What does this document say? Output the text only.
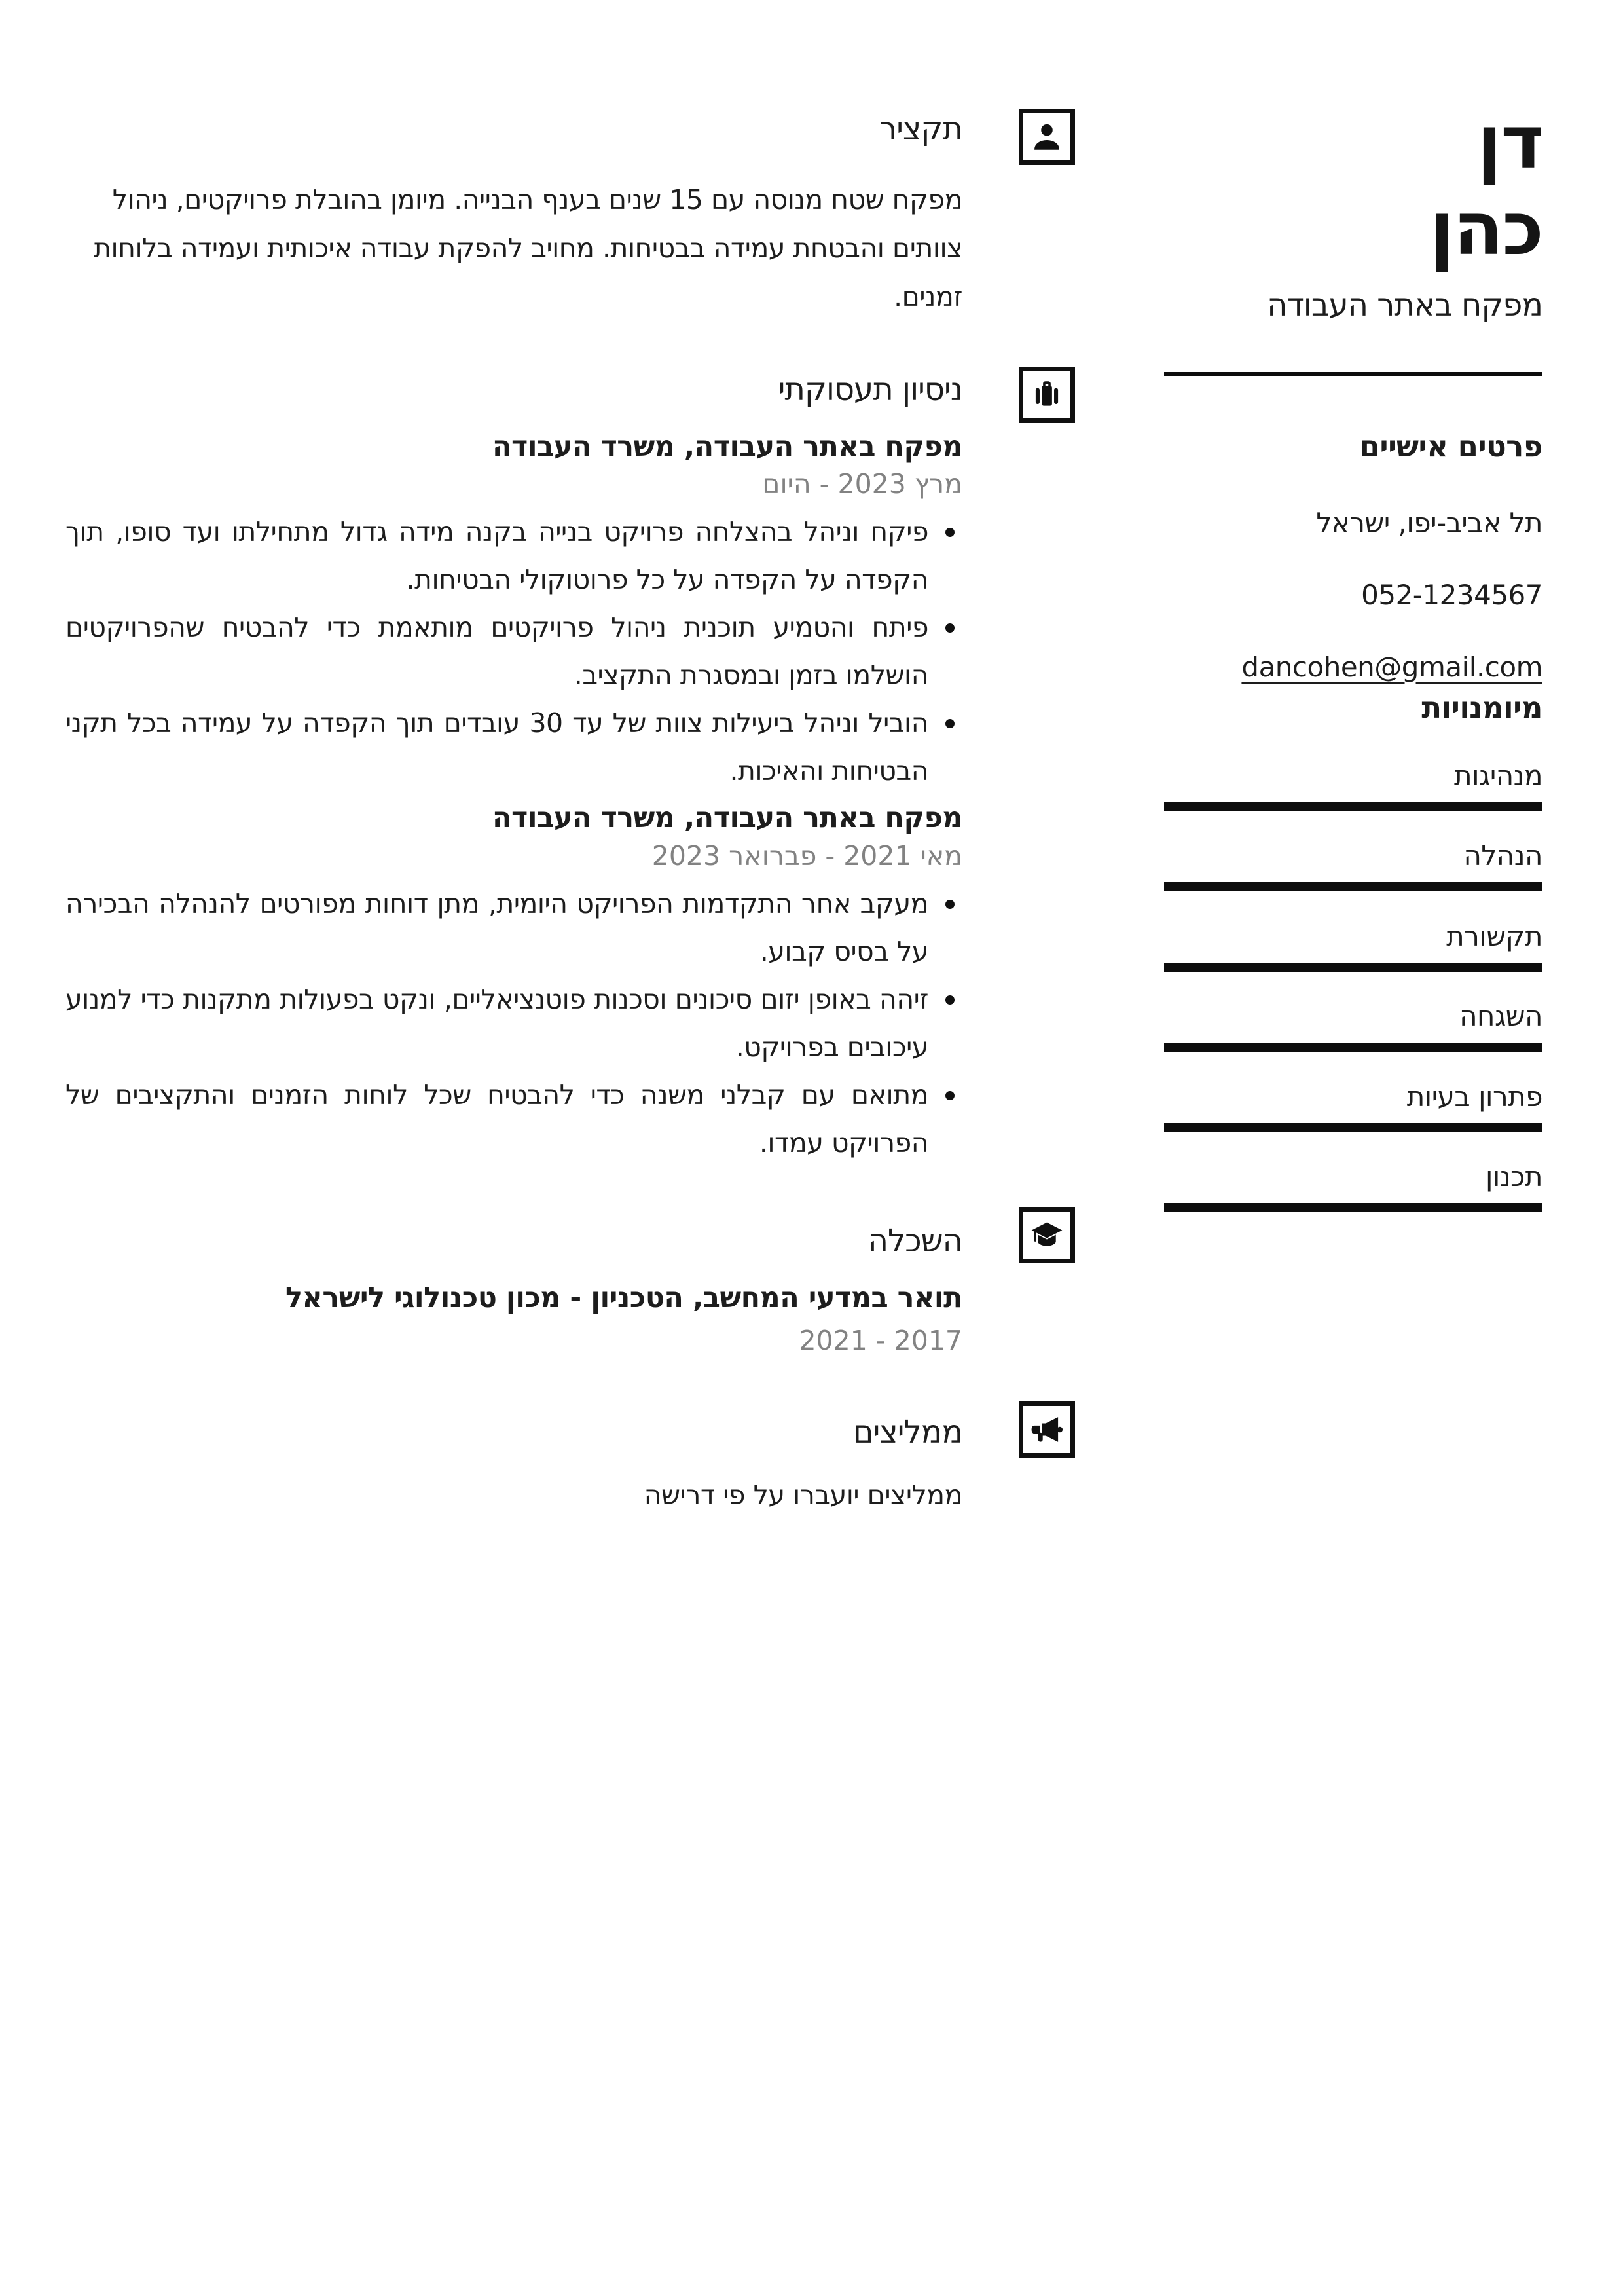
תקציר
מפקח שטח מנוסה עם 15 שנים בענף הבנייה. מיומן בהובלת פרויקטים, ניהול צוותים והבטחת עמידה בבטיחות. מחויב להפקת עבודה איכותית ועמידה בלוחות זמנים.
ניסיון תעסוקתי
מפקח באתר העבודה, משרד העבודה
מרץ 2023 - היום
פיקח וניהל בהצלחה פרויקט בנייה בקנה מידה גדול מתחילתו ועד סופו, תוך הקפדה על הקפדה על כל פרוטוקולי הבטיחות.
פיתח והטמיע תוכנית ניהול פרויקטים מותאמת כדי להבטיח שהפרויקטים הושלמו בזמן ובמסגרת התקציב.
הוביל וניהל ביעילות צוות של עד 30 עובדים תוך הקפדה על עמידה בכל תקני הבטיחות והאיכות.
מפקח באתר העבודה, משרד העבודה
מאי 2021 - פברואר 2023
מעקב אחר התקדמות הפרויקט היומית, מתן דוחות מפורטים להנהלה הבכירה על בסיס קבוע.
זיהה באופן יזום סיכונים וסכנות פוטנציאליים, ונקט בפעולות מתקנות כדי למנוע עיכובים בפרויקט.
מתואם עם קבלני משנה כדי להבטיח שכל לוחות הזמנים והתקציבים של הפרויקט עמדו.
השכלה
תואר במדעי המחשב, הטכניון - מכון טכנולוגי לישראל
2017 - 2021
ממליצים
ממליצים יועברו על פי דרישה
דן
כהן
מפקח באתר העבודה
פרטים אישיים
תל אביב-יפו, ישראל
052-1234567
dancohen@gmail.com
מיומנויות
מנהיגות
הנהלה
תקשורת
השגחה
פתרון בעיות
תכנון
